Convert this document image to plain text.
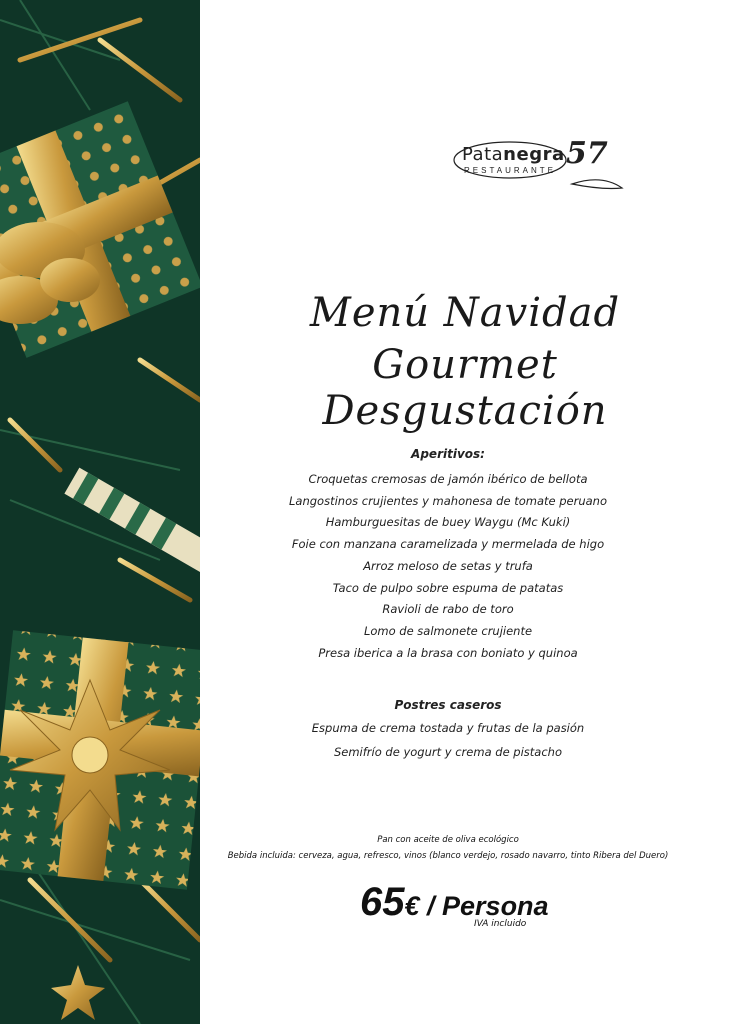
Patanegra 57
RESTAURANTE
Menú Navidad
Gourmet Desgustación
Aperitivos:
Croquetas cremosas de jamón ibérico de bellota
Langostinos crujientes y mahonesa de tomate peruano
Hamburguesitas de buey Waygu (Mc Kuki)
Foie con manzana caramelizada y mermelada de higo
Arroz meloso de setas y trufa
Taco de pulpo sobre espuma de patatas
Ravioli de rabo de toro
Lomo de salmonete crujiente
Presa iberica a la brasa con boniato y quinoa
Postres caseros
Espuma de crema tostada y frutas de la pasión
Semifrío de yogurt y crema de pistacho
Pan con aceite de oliva ecológico
Bebida incluida: cerveza, agua, refresco, vinos (blanco verdejo, rosado navarro, tinto Ribera del Duero)
65€ / Persona
IVA incluido
